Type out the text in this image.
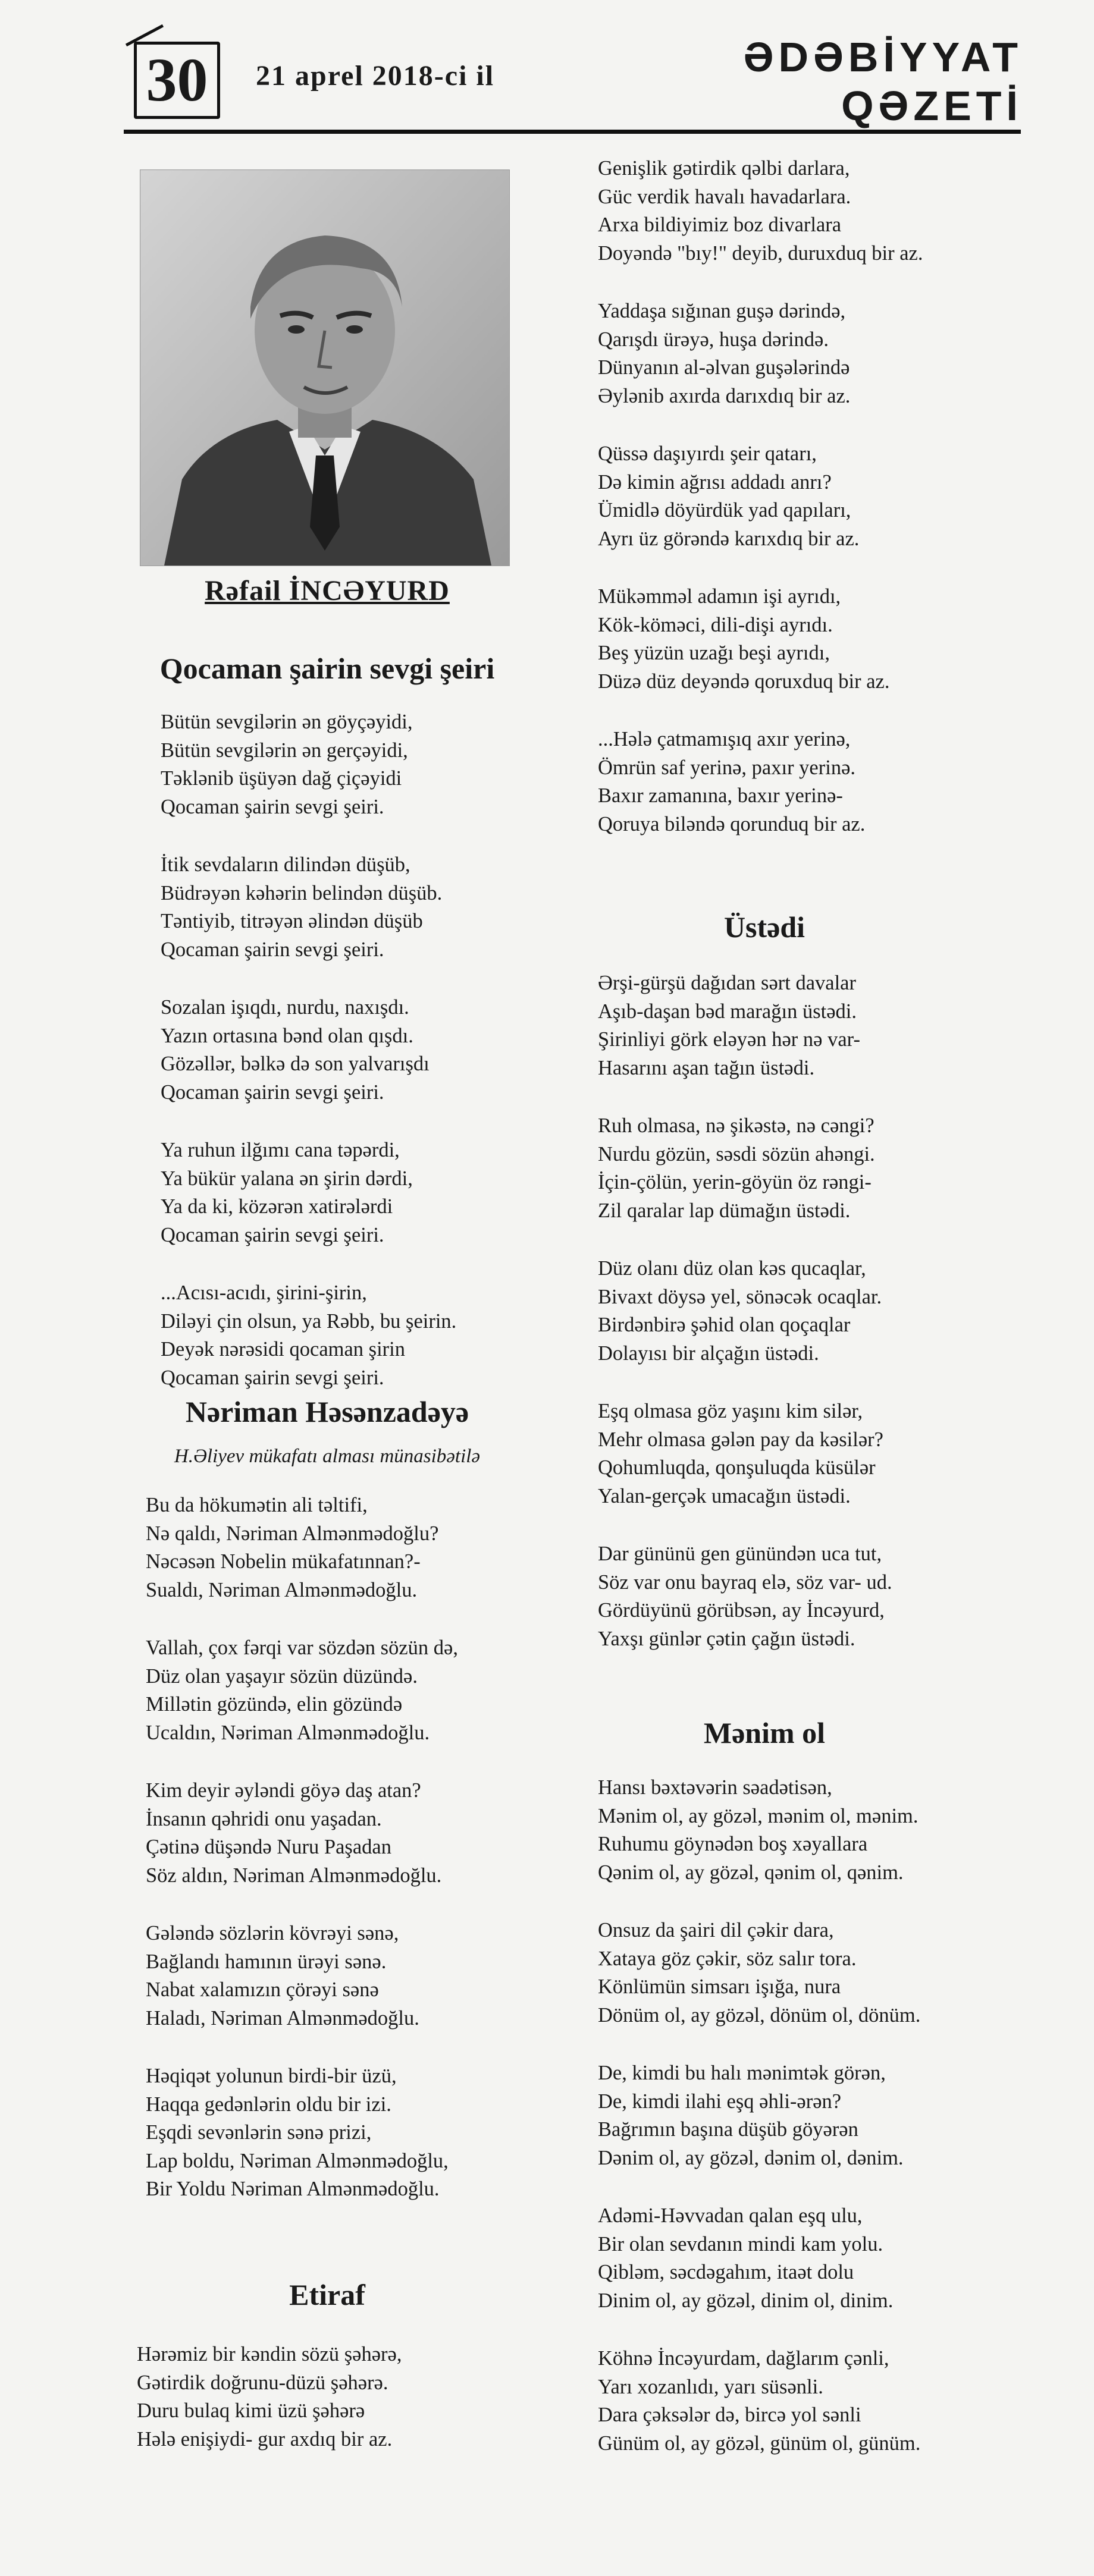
30	21 aprel 2018-ci il	ƏDƏBİYYAT
QƏZETİ
Rəfail İNCƏYURD
Qocaman şairin sevgi şeiri
Bütün sevgilərin ən göyçəyidi,
Bütün sevgilərin ən gerçəyidi,
Təklənib üşüyən dağ çiçəyidi
Qocaman şairin sevgi şeiri.
İtik sevdaların dilindən düşüb,
Büdrəyən kəhərin belindən düşüb.
Təntiyib, titrəyən əlindən düşüb
Qocaman şairin sevgi şeiri.
Sozalan işıqdı, nurdu, naxışdı.
Yazın ortasına bənd olan qışdı.
Gözəllər, bəlkə də son yalvarışdı
Qocaman şairin sevgi şeiri.
Ya ruhun ilğımı cana təpərdi,
Ya bükür yalana ən şirin dərdi,
Ya da ki, közərən xatirələrdi
Qocaman şairin sevgi şeiri.
...Acısı-acıdı, şirini-şirin,
Diləyi çin olsun, ya Rəbb, bu şeirin.
Deyək nərəsidi qocaman şirin
Qocaman şairin sevgi şeiri.
Nəriman Həsənzadəyə
H.Əliyev mükafatı alması münasibətilə
Bu da hökumətin ali təltifi,
Nə qaldı, Nəriman Almənmədoğlu?
Nəcəsən Nobelin mükafatınnan?-
Sualdı, Nəriman Almənmədoğlu.
Vallah, çox fərqi var sözdən sözün də,
Düz olan yaşayır sözün düzündə.
Millətin gözündə, elin gözündə
Ucaldın, Nəriman Almənmədoğlu.
Kim deyir əyləndi göyə daş atan?
İnsanın qəhridi onu yaşadan.
Çətinə düşəndə Nuru Paşadan
Söz aldın, Nəriman Almənmədoğlu.
Gələndə sözlərin kövrəyi sənə,
Bağlandı hamının ürəyi sənə.
Nabat xalamızın çörəyi sənə
Haladı, Nəriman Almənmədoğlu.
Həqiqət yolunun birdi-bir üzü,
Haqqa gedənlərin oldu bir izi.
Eşqdi sevənlərin sənə prizi,
Lap boldu, Nəriman Almənmədoğlu,
Bir Yoldu Nəriman Almənmədoğlu.
Etiraf
Hərəmiz bir kəndin sözü şəhərə,
Gətirdik doğrunu-düzü şəhərə.
Duru bulaq kimi üzü şəhərə
Hələ enişiydi- gur axdıq bir az.
Genişlik gətirdik qəlbi darlara,
Güc verdik havalı havadarlara.
Arxa bildiyimiz boz divarlara
Doyəndə "bıy!" deyib, duruxduq bir az.
Yaddaşa sığınan guşə dərində,
Qarışdı ürəyə, huşa dərində.
Dünyanın al-əlvan guşələrində
Əylənib axırda darıxdıq bir az.
Qüssə daşıyırdı şeir qatarı,
Də kimin ağrısı addadı anrı?
Ümidlə döyürdük yad qapıları,
Ayrı üz görəndə karıxdıq bir az.
Mükəmməl adamın işi ayrıdı,
Kök-köməci, dili-dişi ayrıdı.
Beş yüzün uzağı beşi ayrıdı,
Düzə düz deyəndə qoruxduq bir az.
...Hələ çatmamışıq axır yerinə,
Ömrün saf yerinə, paxır yerinə.
Baxır zamanına, baxır yerinə-
Qoruya biləndə qorunduq bir az.
Üstədi
Ərşi-gürşü dağıdan sərt davalar
Aşıb-daşan bəd marağın üstədi.
Şirinliyi görk eləyən hər nə var-
Hasarını aşan tağın üstədi.
Ruh olmasa, nə şikəstə, nə cəngi?
Nurdu gözün, səsdi sözün ahəngi.
İçin-çölün, yerin-göyün öz rəngi-
Zil qaralar lap dümağın üstədi.
Düz olanı düz olan kəs qucaqlar,
Bivaxt döysə yel, sönəcək ocaqlar.
Birdənbirə şəhid olan qoçaqlar
Dolayısı bir alçağın üstədi.
Eşq olmasa göz yaşını kim silər,
Mehr olmasa gələn pay da kəsilər?
Qohumluqda, qonşuluqda küsülər
Yalan-gerçək umacağın üstədi.
Dar gününü gen günündən uca tut,
Söz var onu bayraq elə, söz var- ud.
Gördüyünü görübsən, ay İncəyurd,
Yaxşı günlər çətin çağın üstədi.
Mənim ol
Hansı bəxtəvərin səadətisən,
Mənim ol, ay gözəl, mənim ol, mənim.
Ruhumu göynədən boş xəyallara
Qənim ol, ay gözəl, qənim ol, qənim.
Onsuz da şairi dil çəkir dara,
Xataya göz çəkir, söz salır tora.
Könlümün simsarı işığa, nura
Dönüm ol, ay gözəl, dönüm ol, dönüm.
De, kimdi bu halı mənimtək görən,
De, kimdi ilahi eşq əhli-ərən?
Bağrımın başına düşüb göyərən
Dənim ol, ay gözəl, dənim ol, dənim.
Adəmi-Həvvadan qalan eşq ulu,
Bir olan sevdanın mindi kam yolu.
Qibləm, səcdəgahım, itaət dolu
Dinim ol, ay gözəl, dinim ol, dinim.
Köhnə İncəyurdam, dağlarım çənli,
Yarı xozanlıdı, yarı süsənli.
Dara çəksələr də, bircə yol sənli
Günüm ol, ay gözəl, günüm ol, günüm.
